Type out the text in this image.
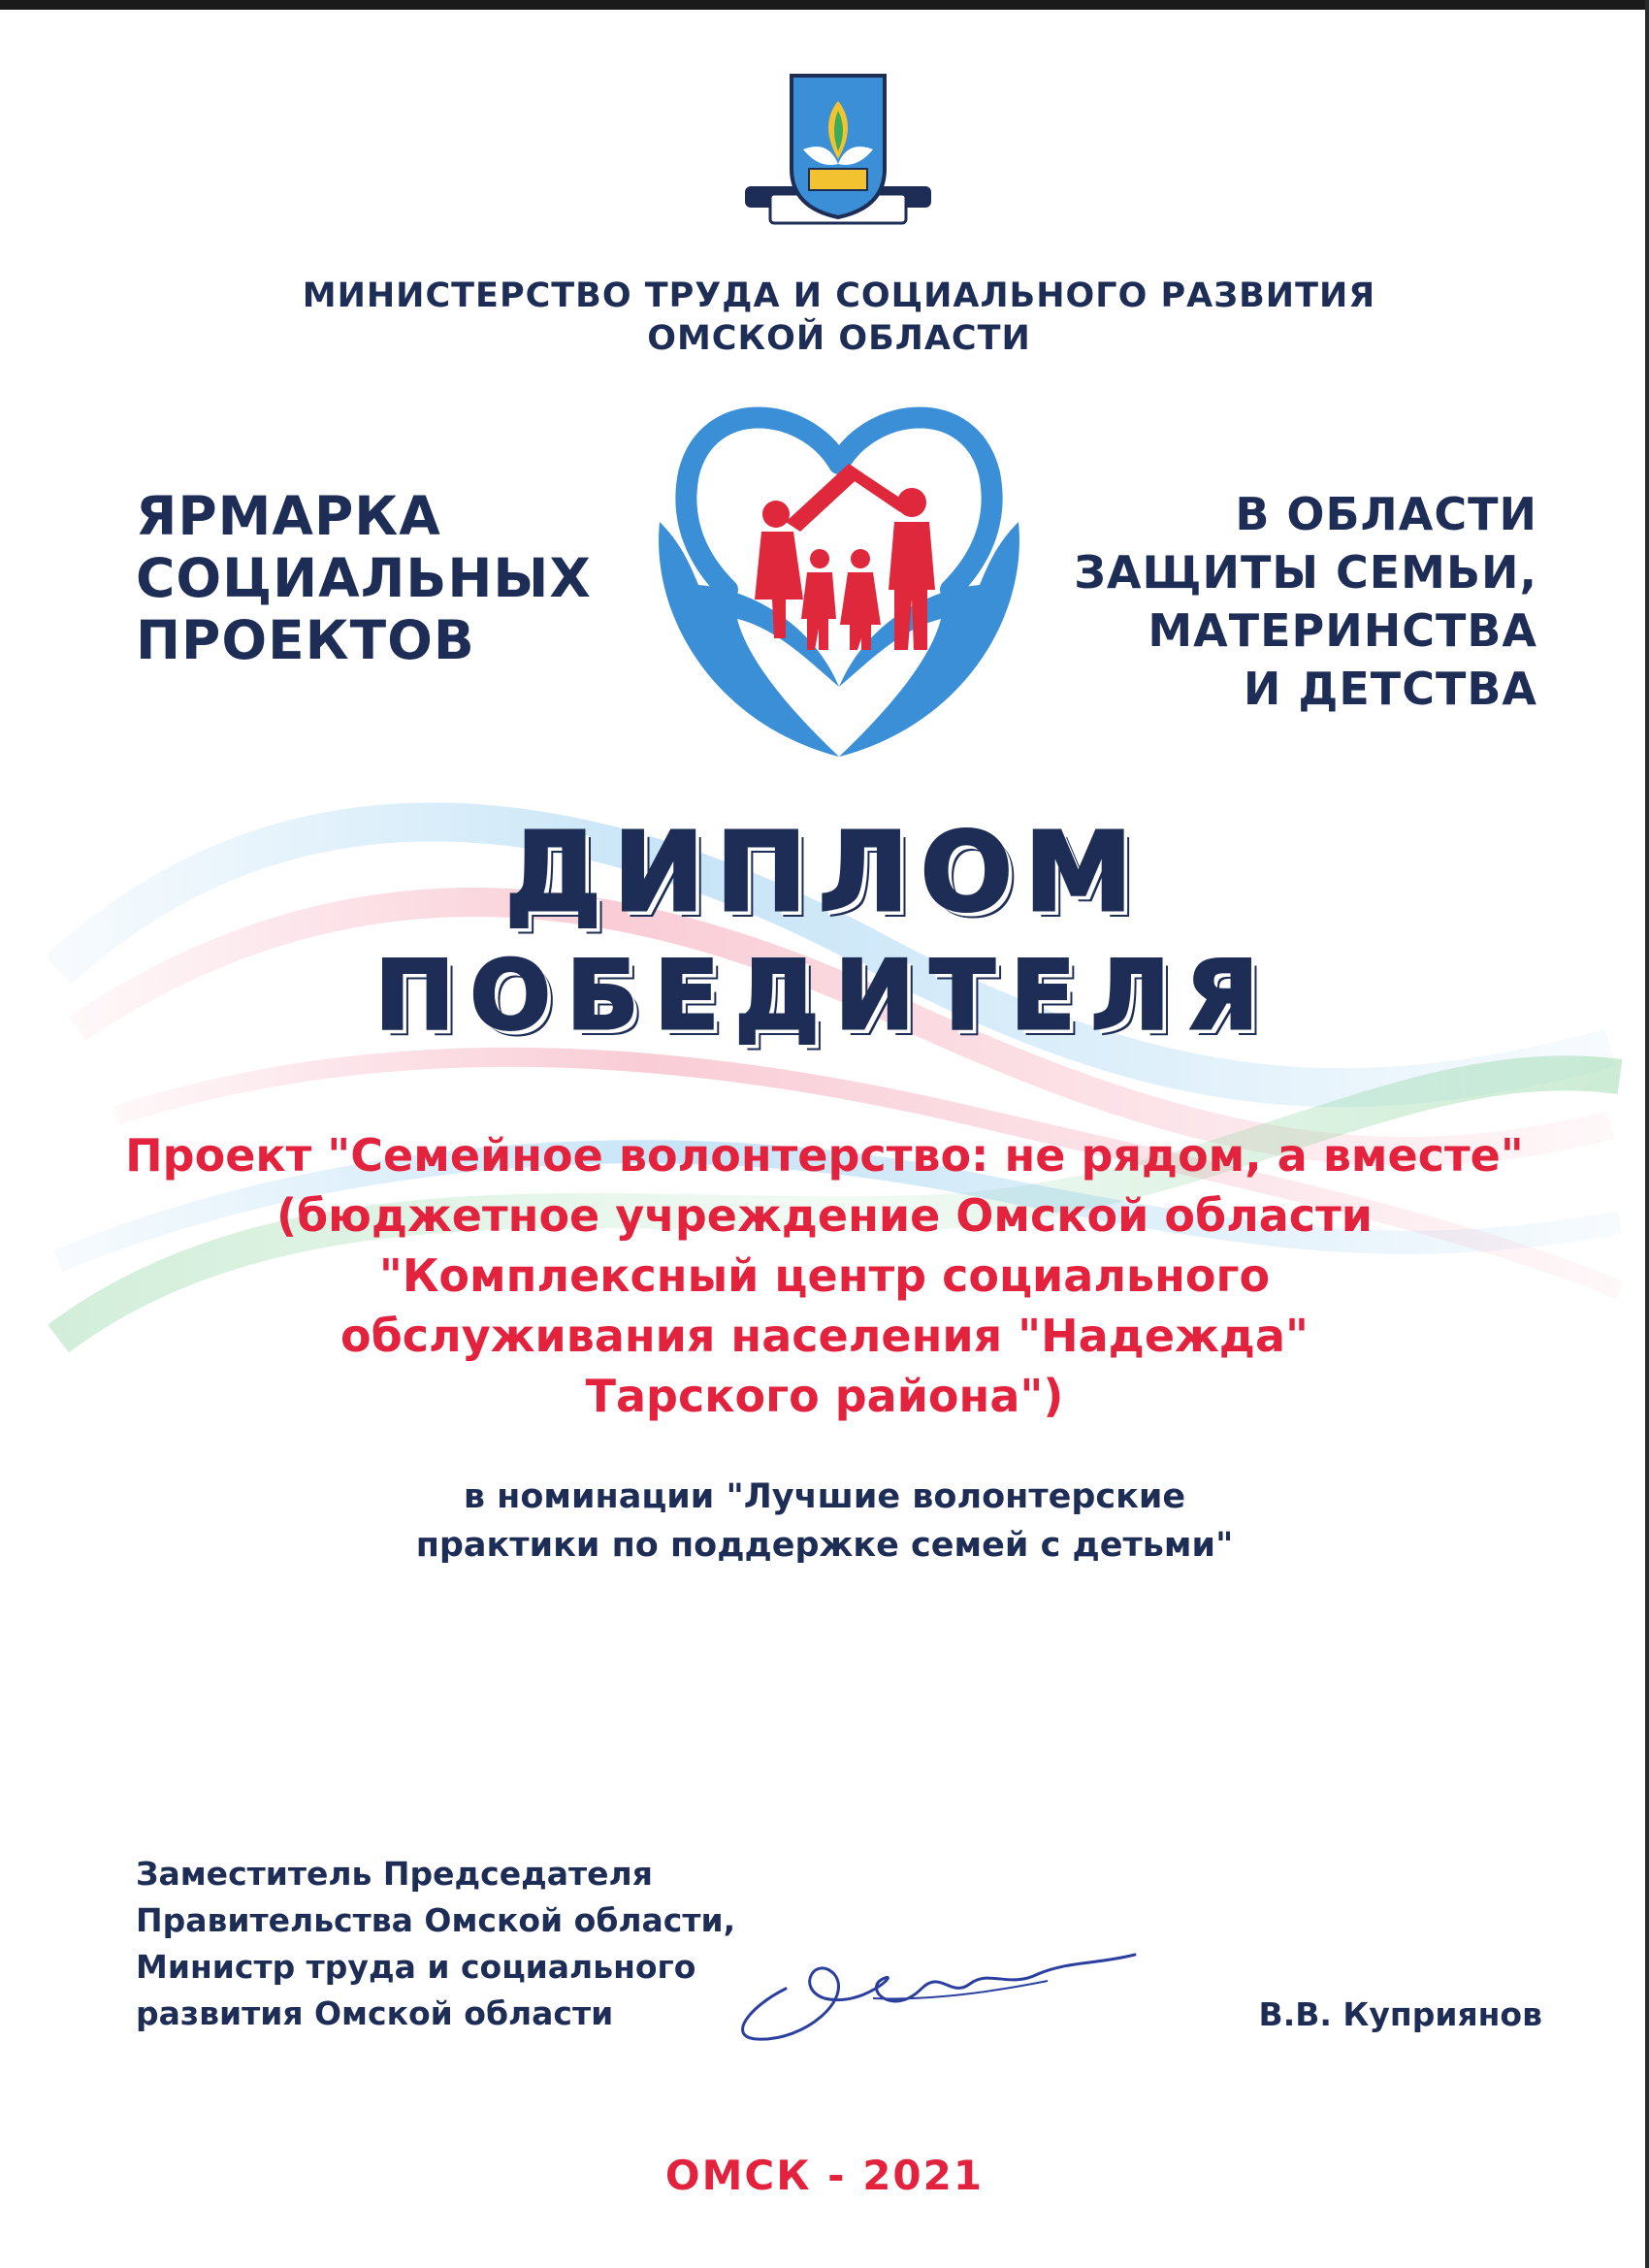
МИНИСТЕРСТВО ТРУДА И СОЦИАЛЬНОГО РАЗВИТИЯ
ОМСКОЙ ОБЛАСТИ
ЯРМАРКА
СОЦИАЛЬНЫХ
ПРОЕКТОВ
В ОБЛАСТИ
ЗАЩИТЫ СЕМЬИ,
МАТЕРИНСТВА
И ДЕТСТВА
ДИПЛОМ
ПОБЕДИТЕЛЯ
Проект "Семейное волонтерство: не рядом, а вместе"
(бюджетное учреждение Омской области
"Комплексный центр социального
обслуживания населения "Надежда"
Тарского района")
в номинации "Лучшие волонтерские
практики по поддержке семей с детьми"
Заместитель Председателя
Правительства Омской области,
Министр труда и социального
развития Омской области	В.В. Куприянов
ОМСК - 2021
